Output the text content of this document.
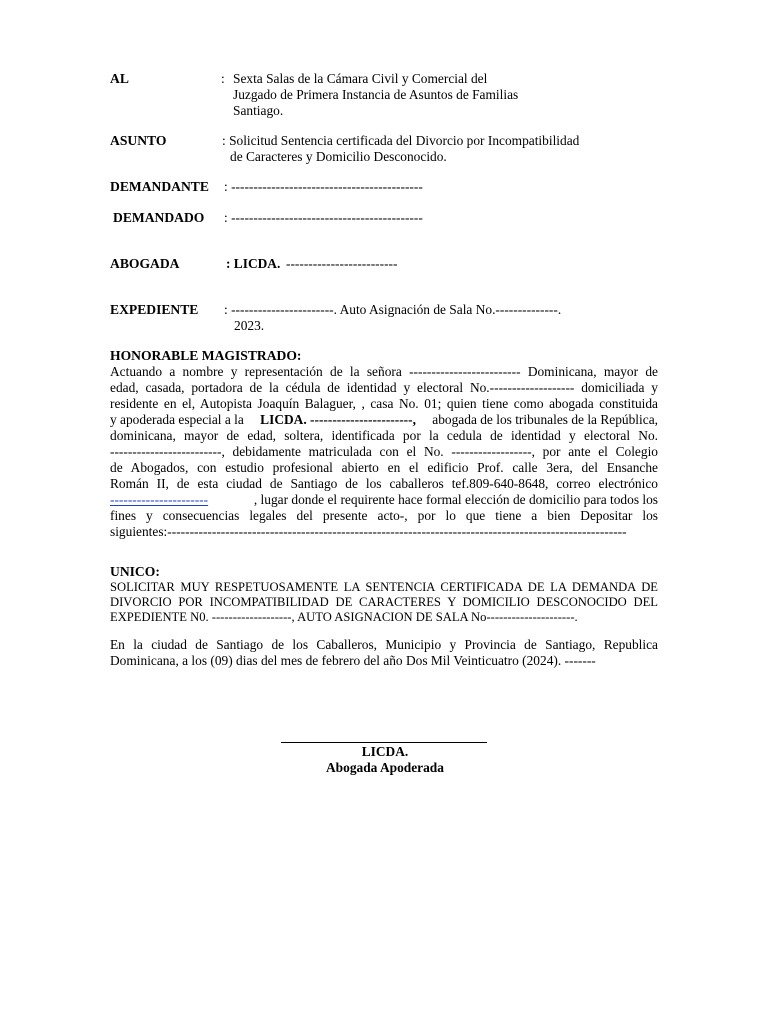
AL	: Sexta Salas de la Cámara Civil y Comercial del
Juzgado de Primera Instancia de Asuntos de Familias
Santiago.
ASUNTO	: Solicitud Sentencia certificada del Divorcio por Incompatibilidad
de Caracteres y Domicilio Desconocido.
DEMANDANTE : -------------------------------------------
DEMANDADO : -------------------------------------------
ABOGADA	: LICDA. -------------------------
EXPEDIENTE : -----------------------. Auto Asignación de Sala No.--------------.
2023.
HONORABLE MAGISTRADO:
Actuando a nombre y representación de la señora ------------------------- Dominicana, mayor de
edad, casada, portadora de la cédula de identidad y electoral No.------------------- domiciliada y
residente en el, Autopista Joaquín Balaguer, , casa No. 01; quien tiene como abogada constituida
y apoderada especial a la LICDA. -----------------------, abogada de los tribunales de la República,
dominicana, mayor de edad, soltera, identificada por la cedula de identidad y electoral No.
-------------------------, debidamente matriculada con el No. ------------------, por ante el Colegio
de Abogados, con estudio profesional abierto en el edificio Prof. calle 3era, del Ensanche
Román II, de esta ciudad de Santiago de los caballeros tef.809-640-8648, correo electrónico
----------------------	, lugar donde el requirente hace formal elección de domicilio para todos los
fines y consecuencias legales del presente acto-, por lo que tiene a bien Depositar los
siguientes:-------------------------------------------------------------------------------------------------------
UNICO:
SOLICITAR MUY RESPETUOSAMENTE LA SENTENCIA CERTIFICADA DE LA DEMANDA DE
DIVORCIO POR INCOMPATIBILIDAD DE CARACTERES Y DOMICILIO DESCONOCIDO DEL
EXPEDIENTE N0. -------------------, AUTO ASIGNACION DE SALA No---------------------.
En la ciudad de Santiago de los Caballeros, Municipio y Provincia de Santiago, Republica
Dominicana, a los (09) dias del mes de febrero del año Dos Mil Veinticuatro (2024). -------
LICDA.
Abogada Apoderada
